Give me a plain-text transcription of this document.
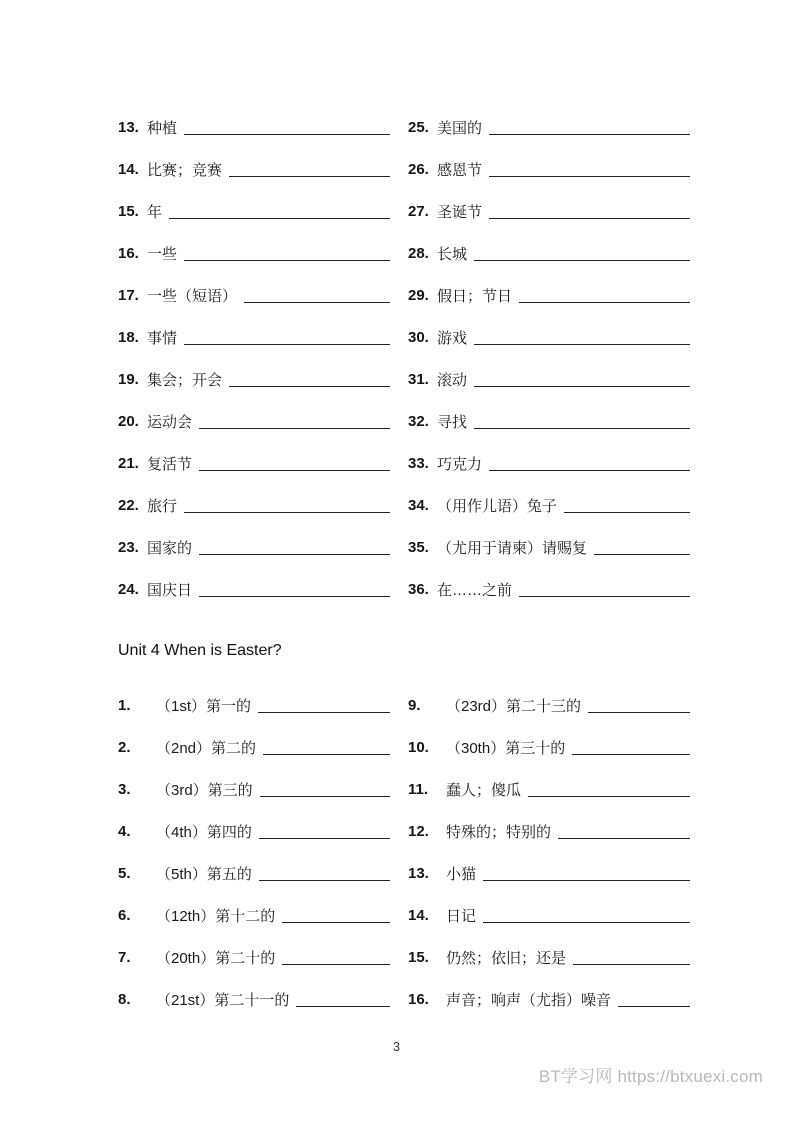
13. 种植
14. 比赛；竞赛
15. 年
16. 一些
17. 一些（短语）
18. 事情
19. 集会；开会
20. 运动会
21. 复活节
22. 旅行
23. 国家的
24. 国庆日
25. 美国的
26. 感恩节
27. 圣诞节
28. 长城
29. 假日；节日
30. 游戏
31. 滚动
32. 寻找
33. 巧克力
34. （用作儿语）兔子
35. （尤用于请柬）请赐复
36. 在……之前
Unit 4 When is Easter?
1.	（1st）第一的
2.	（2nd）第二的
3.	（3rd）第三的
4.	（4th）第四的
5.	（5th）第五的
6.	（12th）第十二的
7.	（20th）第二十的
8.	（21st）第二十一的
9.	（23rd）第二十三的
10.	（30th）第三十的
11.	蠢人；傻瓜
12.	特殊的；特别的
13.	小猫
14.	日记
15.	仍然；依旧；还是
16.	声音；响声（尤指）噪音
3
BT学习网 https://btxuexi.com
